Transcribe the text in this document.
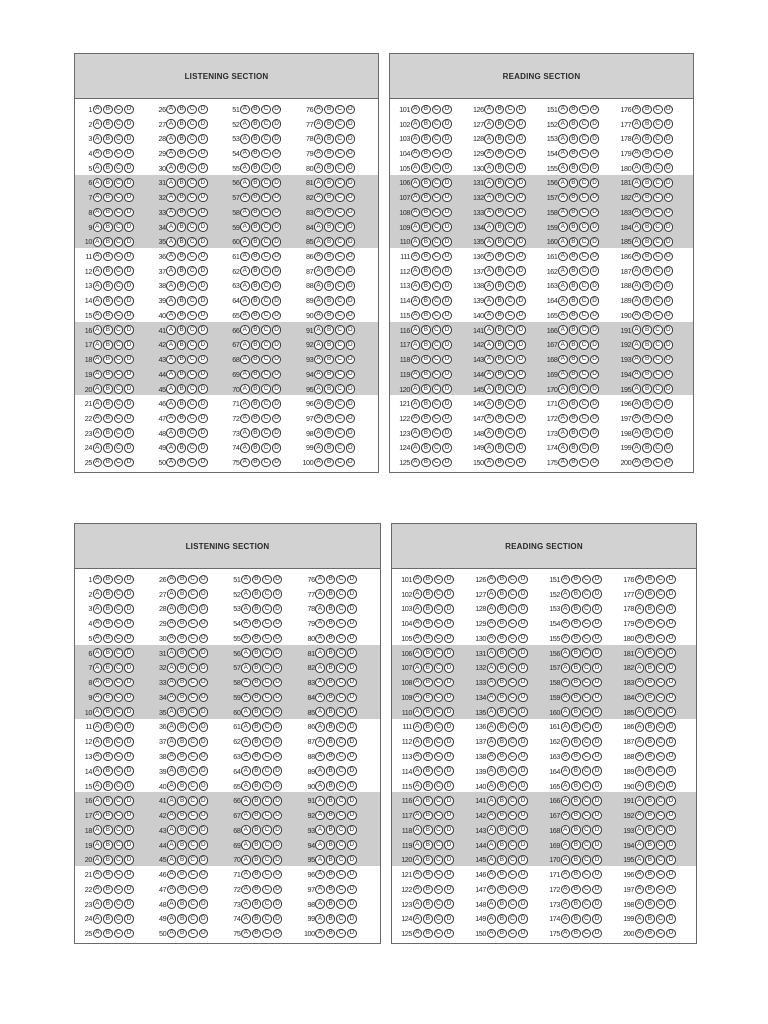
LISTENING SECTION
1 A B C D	26 A B C D	51 A B C D	76 A B C D
2 A B C D	27 A B C D	52 A B C D	77 A B C D
3 A B C D	28 A B C D	53 A B C D	78 A B C D
4 A B C D	29 A B C D	54 A B C D	79 A B C D
5 A B C D	30 A B C D	55 A B C D	80 A B C D
6 A B C D	31 A B C D	56 A B C D	81 A B C D
7 A B C D	32 A B C D	57 A B C D	82 A B C D
8 A B C D	33 A B C D	58 A B C D	83 A B C D
9 A B C D	34 A B C D	59 A B C D	84 A B C D
10 A B C D	35 A B C D	60 A B C D	85 A B C D
11 A B C D	36 A B C D	61 A B C D	86 A B C D
12 A B C D	37 A B C D	62 A B C D	87 A B C D
13 A B C D	38 A B C D	63 A B C D	88 A B C D
14 A B C D	39 A B C D	64 A B C D	89 A B C D
15 A B C D	40 A B C D	65 A B C D	90 A B C D
16 A B C D	41 A B C D	66 A B C D	91 A B C D
17 A B C D	42 A B C D	67 A B C D	92 A B C D
18 A B C D	43 A B C D	68 A B C D	93 A B C D
19 A B C D	44 A B C D	69 A B C D	94 A B C D
20 A B C D	45 A B C D	70 A B C D	95 A B C D
21 A B C D	46 A B C D	71 A B C D	96 A B C D
22 A B C D	47 A B C D	72 A B C D	97 A B C D
23 A B C D	48 A B C D	73 A B C D	98 A B C D
24 A B C D	49 A B C D	74 A B C D	99 A B C D
25 A B C D	50 A B C D	75 A B C D	100 A B C D
READING SECTION
101 A B C D	126 A B C D	151 A B C D	176 A B C D
102 A B C D	127 A B C D	152 A B C D	177 A B C D
103 A B C D	128 A B C D	153 A B C D	178 A B C D
104 A B C D	129 A B C D	154 A B C D	179 A B C D
105 A B C D	130 A B C D	155 A B C D	180 A B C D
106 A B C D	131 A B C D	156 A B C D	181 A B C D
107 A B C D	132 A B C D	157 A B C D	182 A B C D
108 A B C D	133 A B C D	158 A B C D	183 A B C D
109 A B C D	134 A B C D	159 A B C D	184 A B C D
110 A B C D	135 A B C D	160 A B C D	185 A B C D
111 A B C D	136 A B C D	161 A B C D	186 A B C D
112 A B C D	137 A B C D	162 A B C D	187 A B C D
113 A B C D	138 A B C D	163 A B C D	188 A B C D
114 A B C D	139 A B C D	164 A B C D	189 A B C D
115 A B C D	140 A B C D	165 A B C D	190 A B C D
116 A B C D	141 A B C D	166 A B C D	191 A B C D
117 A B C D	142 A B C D	167 A B C D	192 A B C D
118 A B C D	143 A B C D	168 A B C D	193 A B C D
119 A B C D	144 A B C D	169 A B C D	194 A B C D
120 A B C D	145 A B C D	170 A B C D	195 A B C D
121 A B C D	146 A B C D	171 A B C D	196 A B C D
122 A B C D	147 A B C D	172 A B C D	197 A B C D
123 A B C D	148 A B C D	173 A B C D	198 A B C D
124 A B C D	149 A B C D	174 A B C D	199 A B C D
125 A B C D	150 A B C D	175 A B C D	200 A B C D
LISTENING SECTION
1 A B C D	26 A B C D	51 A B C D	76 A B C D
2 A B C D	27 A B C D	52 A B C D	77 A B C D
3 A B C D	28 A B C D	53 A B C D	78 A B C D
4 A B C D	29 A B C D	54 A B C D	79 A B C D
5 A B C D	30 A B C D	55 A B C D	80 A B C D
6 A B C D	31 A B C D	56 A B C D	81 A B C D
7 A B C D	32 A B C D	57 A B C D	82 A B C D
8 A B C D	33 A B C D	58 A B C D	83 A B C D
9 A B C D	34 A B C D	59 A B C D	84 A B C D
10 A B C D	35 A B C D	60 A B C D	85 A B C D
11 A B C D	36 A B C D	61 A B C D	86 A B C D
12 A B C D	37 A B C D	62 A B C D	87 A B C D
13 A B C D	38 A B C D	63 A B C D	88 A B C D
14 A B C D	39 A B C D	64 A B C D	89 A B C D
15 A B C D	40 A B C D	65 A B C D	90 A B C D
16 A B C D	41 A B C D	66 A B C D	91 A B C D
17 A B C D	42 A B C D	67 A B C D	92 A B C D
18 A B C D	43 A B C D	68 A B C D	93 A B C D
19 A B C D	44 A B C D	69 A B C D	94 A B C D
20 A B C D	45 A B C D	70 A B C D	95 A B C D
21 A B C D	46 A B C D	71 A B C D	96 A B C D
22 A B C D	47 A B C D	72 A B C D	97 A B C D
23 A B C D	48 A B C D	73 A B C D	98 A B C D
24 A B C D	49 A B C D	74 A B C D	99 A B C D
25 A B C D	50 A B C D	75 A B C D	100 A B C D
READING SECTION
101 A B C D	126 A B C D	151 A B C D	176 A B C D
102 A B C D	127 A B C D	152 A B C D	177 A B C D
103 A B C D	128 A B C D	153 A B C D	178 A B C D
104 A B C D	129 A B C D	154 A B C D	179 A B C D
105 A B C D	130 A B C D	155 A B C D	180 A B C D
106 A B C D	131 A B C D	156 A B C D	181 A B C D
107 A B C D	132 A B C D	157 A B C D	182 A B C D
108 A B C D	133 A B C D	158 A B C D	183 A B C D
109 A B C D	134 A B C D	159 A B C D	184 A B C D
110 A B C D	135 A B C D	160 A B C D	185 A B C D
111 A B C D	136 A B C D	161 A B C D	186 A B C D
112 A B C D	137 A B C D	162 A B C D	187 A B C D
113 A B C D	138 A B C D	163 A B C D	188 A B C D
114 A B C D	139 A B C D	164 A B C D	189 A B C D
115 A B C D	140 A B C D	165 A B C D	190 A B C D
116 A B C D	141 A B C D	166 A B C D	191 A B C D
117 A B C D	142 A B C D	167 A B C D	192 A B C D
118 A B C D	143 A B C D	168 A B C D	193 A B C D
119 A B C D	144 A B C D	169 A B C D	194 A B C D
120 A B C D	145 A B C D	170 A B C D	195 A B C D
121 A B C D	146 A B C D	171 A B C D	196 A B C D
122 A B C D	147 A B C D	172 A B C D	197 A B C D
123 A B C D	148 A B C D	173 A B C D	198 A B C D
124 A B C D	149 A B C D	174 A B C D	199 A B C D
125 A B C D	150 A B C D	175 A B C D	200 A B C D
